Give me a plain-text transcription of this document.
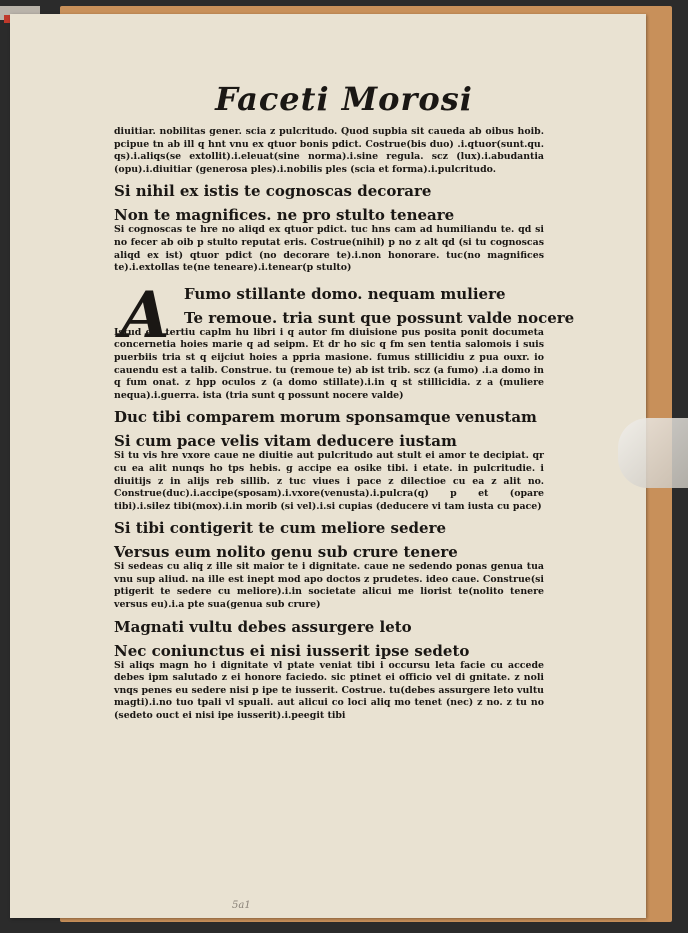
Faceti Morosi

diuitiar. nobilitas gener. scia z pulcritudo. Quod supbia sit caueda ab oibus hoib. pcipue tn ab ill q hnt vnu ex qtuor bonis pdict. Costrue(bis duo) .i.qtuor(sunt.qu. qs).i.aliqs(se extollit).i.eleuat(sine norma).i.sine regula. scz (lux).i.abudantia (opu).i.diuitiar (generosa ples).i.nobilis ples (scia et forma).i.pulcritudo.

Si nihil ex istis te cognoscas decorare
Non te magnifices. ne pro stulto teneare

Si cognoscas te hre no aliqd ex qtuor pdict. tuc hns cam ad humiliandu te. qd si no fecer ab oib p stulto reputat eris. Costrue(nihil) p no z alt qd (si tu cognoscas aliqd ex ist) qtuor pdict (no decorare te).i.non honorare. tuc(no magnifices te).i.extollas te(ne teneare).i.tenear(p stulto)

A Fumo stillante domo. nequam muliere
Te remoue. tria sunt que possunt valde nocere

Istud est tertiu caplm hu libri i q autor fm diuisione pus posita ponit documeta concernetia hoies marie q ad seipm. Et dr ho sic q fm sen tentia salomois i suis puerbiis tria st q eijciut hoies a ppria masione. fumus stillicidiu z pua ouxr. io cauendu est a talib. Construe. tu (remoue te) ab ist trib. scz (a fumo) .i.a domo in q fum onat. z hpp oculos z (a domo stillate).i.in q st stillicidia. z a (muliere nequa).i.guerra. ista (tria sunt q possunt nocere valde)

Duc tibi comparem morum sponsamque venustam
Si cum pace velis vitam deducere iustam

Si tu vis hre vxore caue ne diuitie aut pulcritudo aut stult ei amor te decipiat. qr cu ea alit nunqs ho tps hebis. g accipe ea osike tibi. i etate. in pulcritudie. i diuitijs z in alijs reb sillib. z tuc viues i pace z dilectioe cu ea z alit no. Construe(duc).i.accipe(sposam).i.vxore(venusta).i.pulcra(q) p et (opare tibi).i.silez tibi(mox).i.in morib (si vel).i.si cupias (deducere vi tam iusta cu pace)

Si tibi contigerit te cum meliore sedere
Versus eum nolito genu sub crure tenere

Si sedeas cu aliq z ille sit maior te i dignitate. caue ne sedendo ponas genua tua vnu sup aliud. na ille est inept mod apo doctos z prudetes. ideo caue. Construe(si ptigerit te sedere cu meliore).i.in societate alicui me liorist te(nolito tenere versus eu).i.a pte sua(genua sub crure)

Magnati vultu debes assurgere leto
Nec coniunctus ei nisi iusserit ipse sedeto

Si aliqs magn ho i dignitate vl ptate veniat tibi i occursu leta facie cu accede debes ipm salutado z ei honore faciedo. sic ptinet ei officio vel di gnitate. z noli vnqs penes eu sedere nisi p ipe te iusserit. Costrue. tu(debes assurgere leto vultu magti).i.no tuo tpali vl spuali. aut alicui co loci aliq mo tenet (nec) z no. z tu no (sedeto ouct ei nisi ipe iusserit).i.peegit tibi

5a1
